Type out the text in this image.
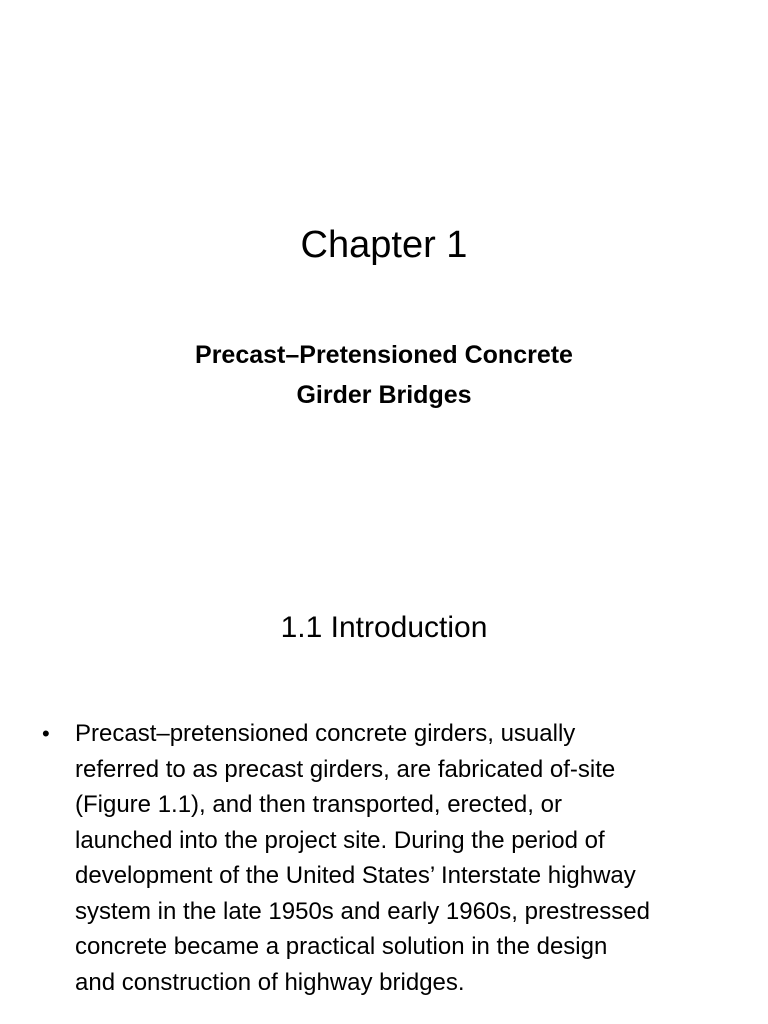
Chapter 1
Precast–Pretensioned Concrete
Girder Bridges
1.1 Introduction
• Precast–pretensioned concrete girders, usually
referred to as precast girders, are fabricated of-site
(Figure 1.1), and then transported, erected, or
launched into the project site. During the period of
development of the United States’ Interstate highway
system in the late 1950s and early 1960s, prestressed
concrete became a practical solution in the design
and construction of highway bridges.
